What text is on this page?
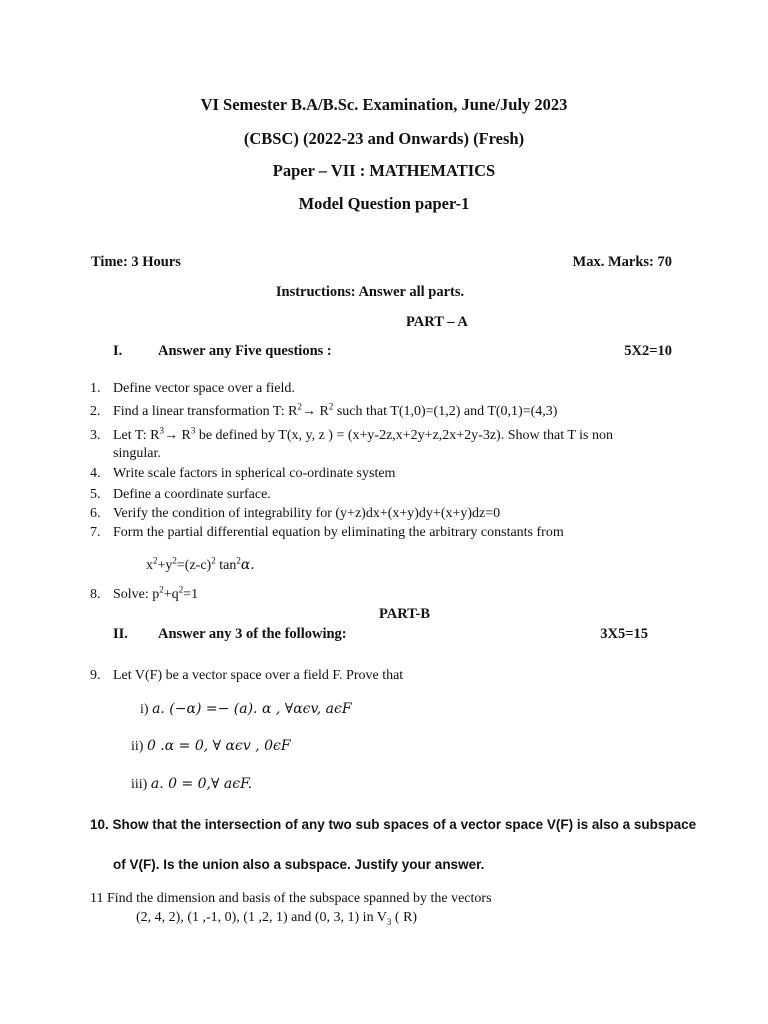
VI Semester B.A/B.Sc. Examination, June/July 2023
(CBSC) (2022-23 and Onwards) (Fresh)
Paper – VII : MATHEMATICS
Model Question paper-1
Time: 3 Hours	Max. Marks: 70
Instructions: Answer all parts.
PART – A
I. Answer any Five questions :	5X2=10
1. Define vector space over a field.
2. Find a linear transformation T: $R^2\to R^2$ such that T(1,0)=(1,2) and T(0,1)=(4,3)
3. Let T: $R^3\to R^3$ be defined by T(x, y, z ) = (x+y-2z,x+2y+z,2x+2y-3z). Show that T is non
singular.
4. Write scale factors in spherical co-ordinate system
5. Define a coordinate surface.
6. Verify the condition of integrability for (y+z)dx+(x+y)dy+(x+y)dz=0
7. Form the partial differential equation by eliminating the arbitrary constants from
$x^2+y^2=(z-c)^2$ $\tan^2\alpha$.
8. Solve: $p^2+q^2=1$
PART-B
II. Answer any 3 of the following:	3X5=15
9. Let V(F) be a vector space over a field F. Prove that
i) a. (−α) =− (a). α , ∀αϵv, aϵF
ii) 0 .α = 0, ∀ αϵv , 0ϵF
iii) a. 0 = 0,∀ aϵF.
10. Show that the intersection of any two sub spaces of a vector space V(F) is also a subspace
of V(F). Is the union also a subspace. Justify your answer.
11 Find the dimension and basis of the subspace spanned by the vectors
(2, 4, 2), (1 ,-1, 0), (1 ,2, 1) and (0, 3, 1) in $V_3$ ( R)
